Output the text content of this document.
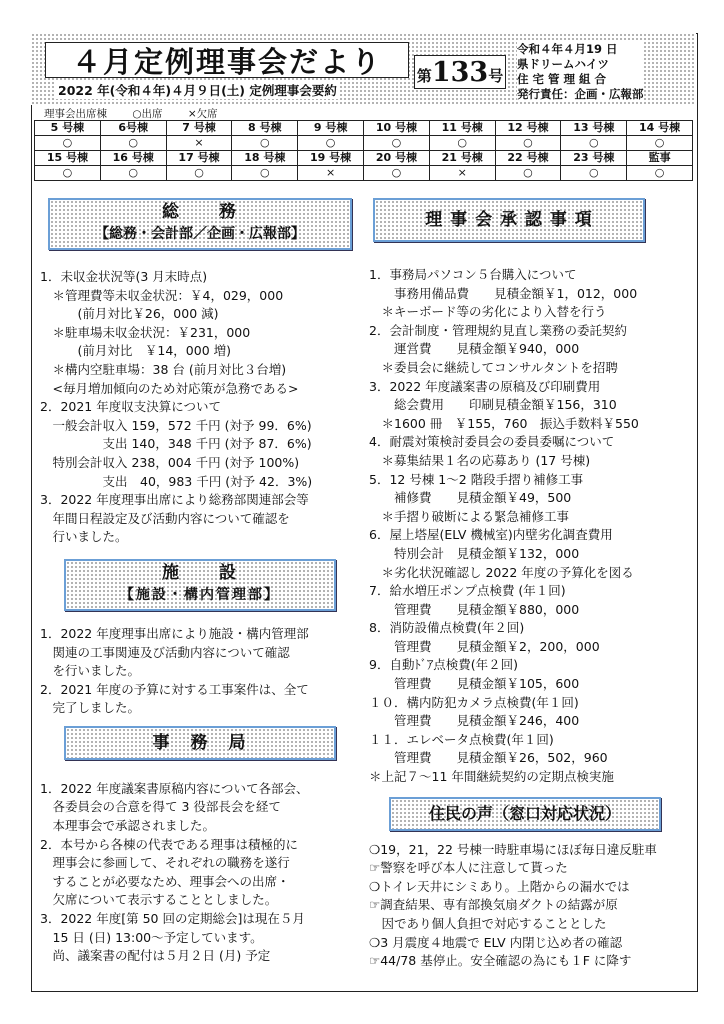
４月定例理事会だより
2022 年(令和４年)４月９日(土) 定例理事会要約
第 133 号
令和４年４月19 日
県ドリームハイツ
住 宅 管 理 組 合
発行責任：企画・広報部
理事会出席棟 ○出席 ×欠席
5 号棟	6号棟	7 号棟	8 号棟	9 号棟	10 号棟	11 号棟	12 号棟	13 号棟	14 号棟
○	○	×	○	○	○	○	○	○	○
15 号棟	16 号棟	17 号棟	18 号棟	19 号棟	20 号棟	21 号棟	22 号棟	23 号棟	監事
○	○	○	○	×	○	×	○	○	○
総　　務
【総務・会計部／企画・広報部】
1．未収金状況等(3 月末時点)
　＊管理費等未収金状況：￥4，029，000
　　　(前月対比￥26，000 減)
　＊駐車場未収金状況：￥231，000
　　　(前月対比　￥14，000 増)
　＊構内空駐車場：38 台 (前月対比３台増)
　<毎月増加傾向のため対応策が急務である>
2．2021 年度収支決算について
　一般会計収入 159，572 千円 (対予 99．6%)
　　　　　支出 140，348 千円 (対予 87．6%)
　特別会計収入 238，004 千円 (対予 100%)
　　　　　支出　40，983 千円 (対予 42．3%)
3．2022 年度理事出席により総務部関連部会等
　年間日程設定及び活動内容について確認を
　行いました。
施　　設
【施設・構内管理部】
1．2022 年度理事出席により施設・構内管理部
　関連の工事関連及び活動内容について確認
　を行いました。
2．2021 年度の予算に対する工事案件は、全て
　完了しました。
事　務　局
1．2022 年度議案書原稿内容について各部会、
　各委員会の合意を得て 3 役部長会を経て
　本理事会で承認されました。
2．本号から各棟の代表である理事は積極的に
　理事会に参画して、それぞれの職務を遂行
　することが必要なため、理事会への出席・
　欠席について表示することとしました。
3．2022 年度[第 50 回の定期総会]は現在５月
　15 日 (日) 13:00～予定しています。
　尚、議案書の配付は５月２日 (月) 予定
理 事 会 承 認 事 項
1．事務局パソコン５台購入について
　　事務用備品費　　見積金額￥1，012，000
　＊キーボード等の劣化により入替を行う
2．会計制度・管理規約見直し業務の委託契約
　　運営費　　見積金額￥940，000
　＊委員会に継続してコンサルタントを招聘
3．2022 年度議案書の原稿及び印刷費用
　　総会費用　　印刷見積金額￥156，310
　＊1600 冊　￥155，760　振込手数料￥550
4．耐震対策検討委員会の委員委嘱について
　＊募集結果１名の応募あり (17 号棟)
5．12 号棟 1～2 階段手摺り補修工事
　　補修費　　見積金額￥49，500
　＊手摺り破断による緊急補修工事
6．屋上塔屋(ELV 機械室)内壁劣化調査費用
　　特別会計　見積金額￥132，000
　＊劣化状況確認し 2022 年度の予算化を図る
7．給水増圧ポンプ点検費 (年１回)
　　管理費　　見積金額￥880，000
8．消防設備点検費(年２回)
　　管理費　　見積金額￥2，200，000
9．自動ﾄﾞｱ点検費(年２回)
　　管理費　　見積金額￥105，600
１０．構内防犯カメラ点検費(年１回)
　　管理費　　見積金額￥246，400
１１．エレベータ点検費(年１回)
　　管理費　　見積金額￥26，502，960
＊上記７～11 年間継続契約の定期点検実施
住民の声（窓口対応状況）
❍19，21，22 号棟一時駐車場にほぼ毎日違反駐車
☞警察を呼び本人に注意して貰った
❍トイレ天井にシミあり。上階からの漏水では
☞調査結果、専有部換気扇ダクトの結露が原
　因であり個人負担で対応することとした
❍3 月震度４地震で ELV 内閉じ込め者の確認
☞44/78 基停止。安全確認の為にも１F に降す
